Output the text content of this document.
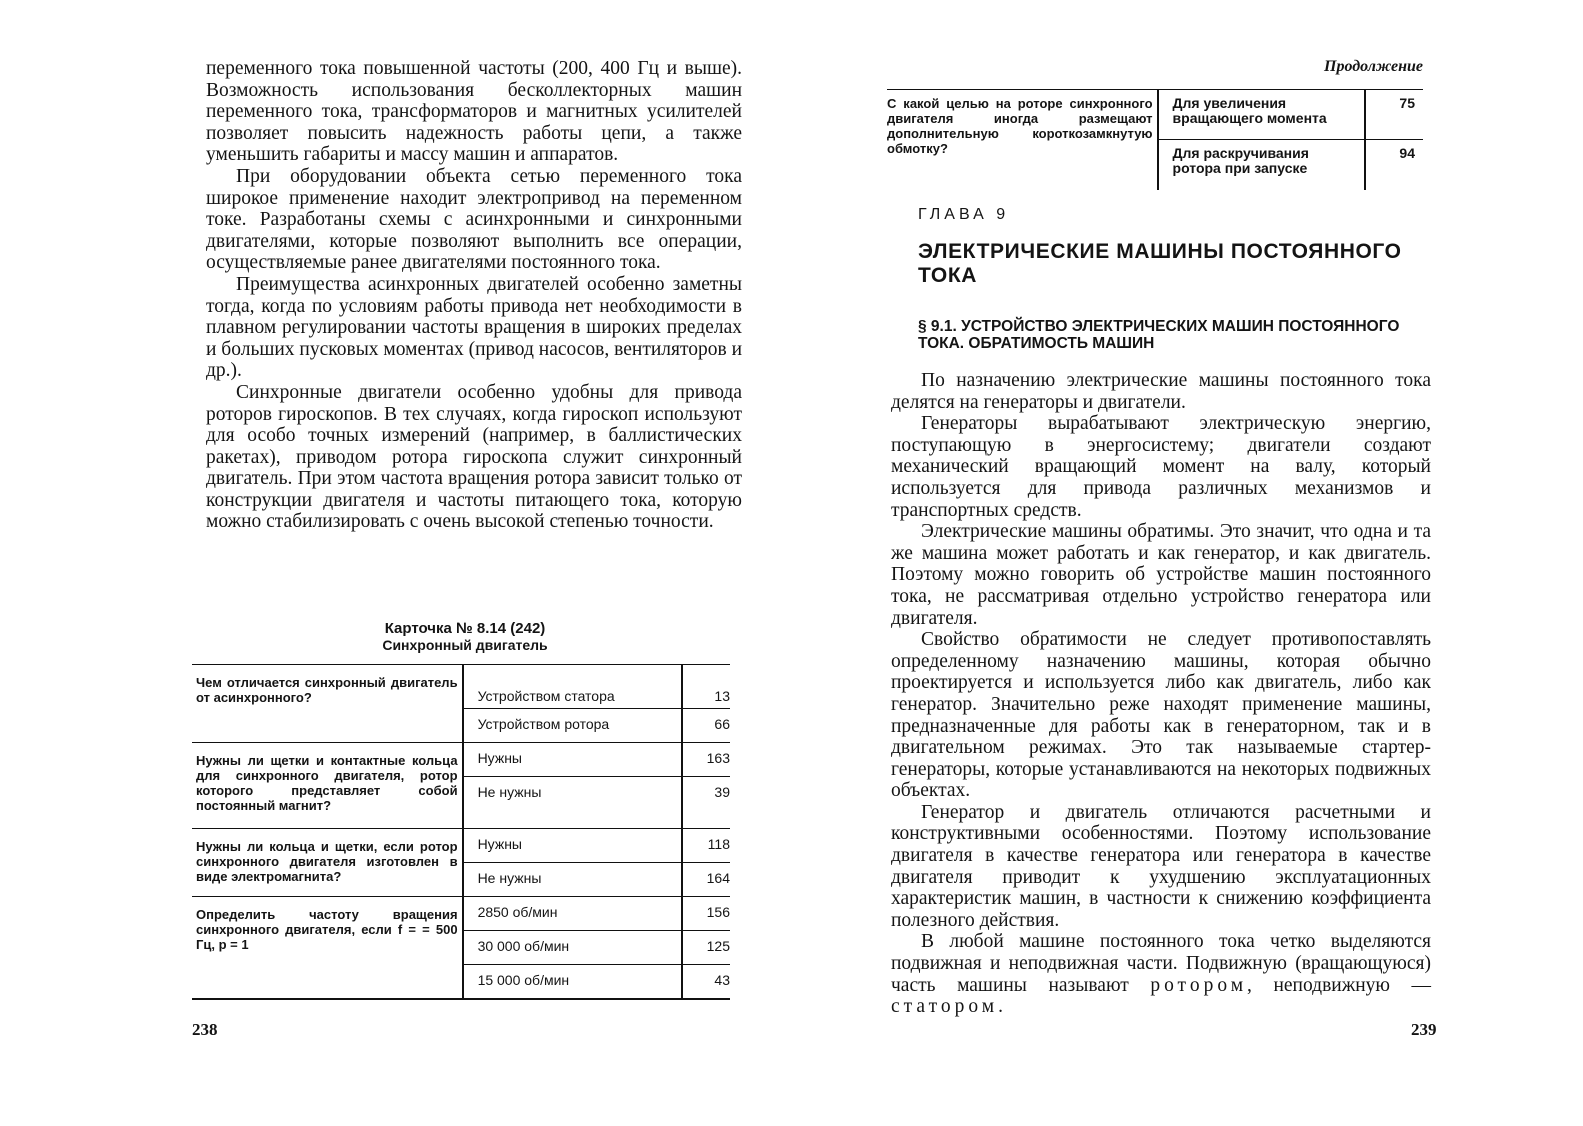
переменного тока повышенной частоты (200, 400 Гц и выше). Возможность использования бесколлекторных машин переменного тока, трансформаторов и магнитных усилителей позволяет повысить надежность работы цепи, а также уменьшить габариты и массу машин и аппаратов.

При оборудовании объекта сетью переменного тока широкое применение находит электропривод на переменном токе. Разработаны схемы с асинхронными и синхронными двигателями, которые позволяют выполнить все операции, осуществляемые ранее двигателями постоянного тока.

Преимущества асинхронных двигателей особенно заметны тогда, когда по условиям работы привода нет необходимости в плавном регулировании частоты вращения в широких пределах и больших пусковых моментах (привод насосов, вентиляторов и др.).

Синхронные двигатели особенно удобны для привода роторов гироскопов. В тех случаях, когда гироскоп используют для особо точных измерений (например, в баллистических ракетах), приводом ротора гироскопа служит синхронный двигатель. При этом частота вращения ротора зависит только от конструкции двигателя и частоты питающего тока, которую можно стабилизировать с очень высокой степенью точности.

Карточка № 8.14 (242)
Синхронный двигатель
Чем отличается синхронный двигатель от асинхронного?	Устройством статора	13
	Устройством ротора	66
Нужны ли щетки и контактные кольца для синхронного двигателя, ротор которого представляет собой постоянный магнит?	Нужны	163
	Не нужны	39
Нужны ли кольца и щетки, если ротор синхронного двигателя изготовлен в виде электромагнита?	Нужны	118
	Не нужны	164
Определить частоту вращения синхронного двигателя, если f = = 500 Гц, p = 1	2850 об/мин	156
	30 000 об/мин	125
	15 000 об/мин	43
238
Продолжение
С какой целью на роторе синхронного двигателя иногда размещают дополнительную короткозамкнутую обмотку?	Для увеличения вращающего момента	75
	Для раскручивания ротора при запуске	94
ГЛАВА 9
ЭЛЕКТРИЧЕСКИЕ МАШИНЫ ПОСТОЯННОГО ТОКА
§ 9.1. УСТРОЙСТВО ЭЛЕКТРИЧЕСКИХ МАШИН ПОСТОЯННОГО ТОКА. ОБРАТИМОСТЬ МАШИН

По назначению электрические машины постоянного тока делятся на генераторы и двигатели.

Генераторы вырабатывают электрическую энергию, поступающую в энергосистему; двигатели создают механический вращающий момент на валу, который используется для привода различных механизмов и транспортных средств.

Электрические машины обратимы. Это значит, что одна и та же машина может работать и как генератор, и как двигатель. Поэтому можно говорить об устройстве машин постоянного тока, не рассматривая отдельно устройство генератора или двигателя.

Свойство обратимости не следует противопоставлять определенному назначению машины, которая обычно проектируется и используется либо как двигатель, либо как генератор. Значительно реже находят применение машины, предназначенные для работы как в генераторном, так и в двигательном режимах. Это так называемые стартер-генераторы, которые устанавливаются на некоторых подвижных объектах.

Генератор и двигатель отличаются расчетными и конструктивными особенностями. Поэтому использование двигателя в качестве генератора или генератора в качестве двигателя приводит к ухудшению эксплуатационных характеристик машин, в частности к снижению коэффициента полезного действия.

В любой машине постоянного тока четко выделяются подвижная и неподвижная части. Подвижную (вращающуюся) часть машины называют ротором, неподвижную — статором.

239
